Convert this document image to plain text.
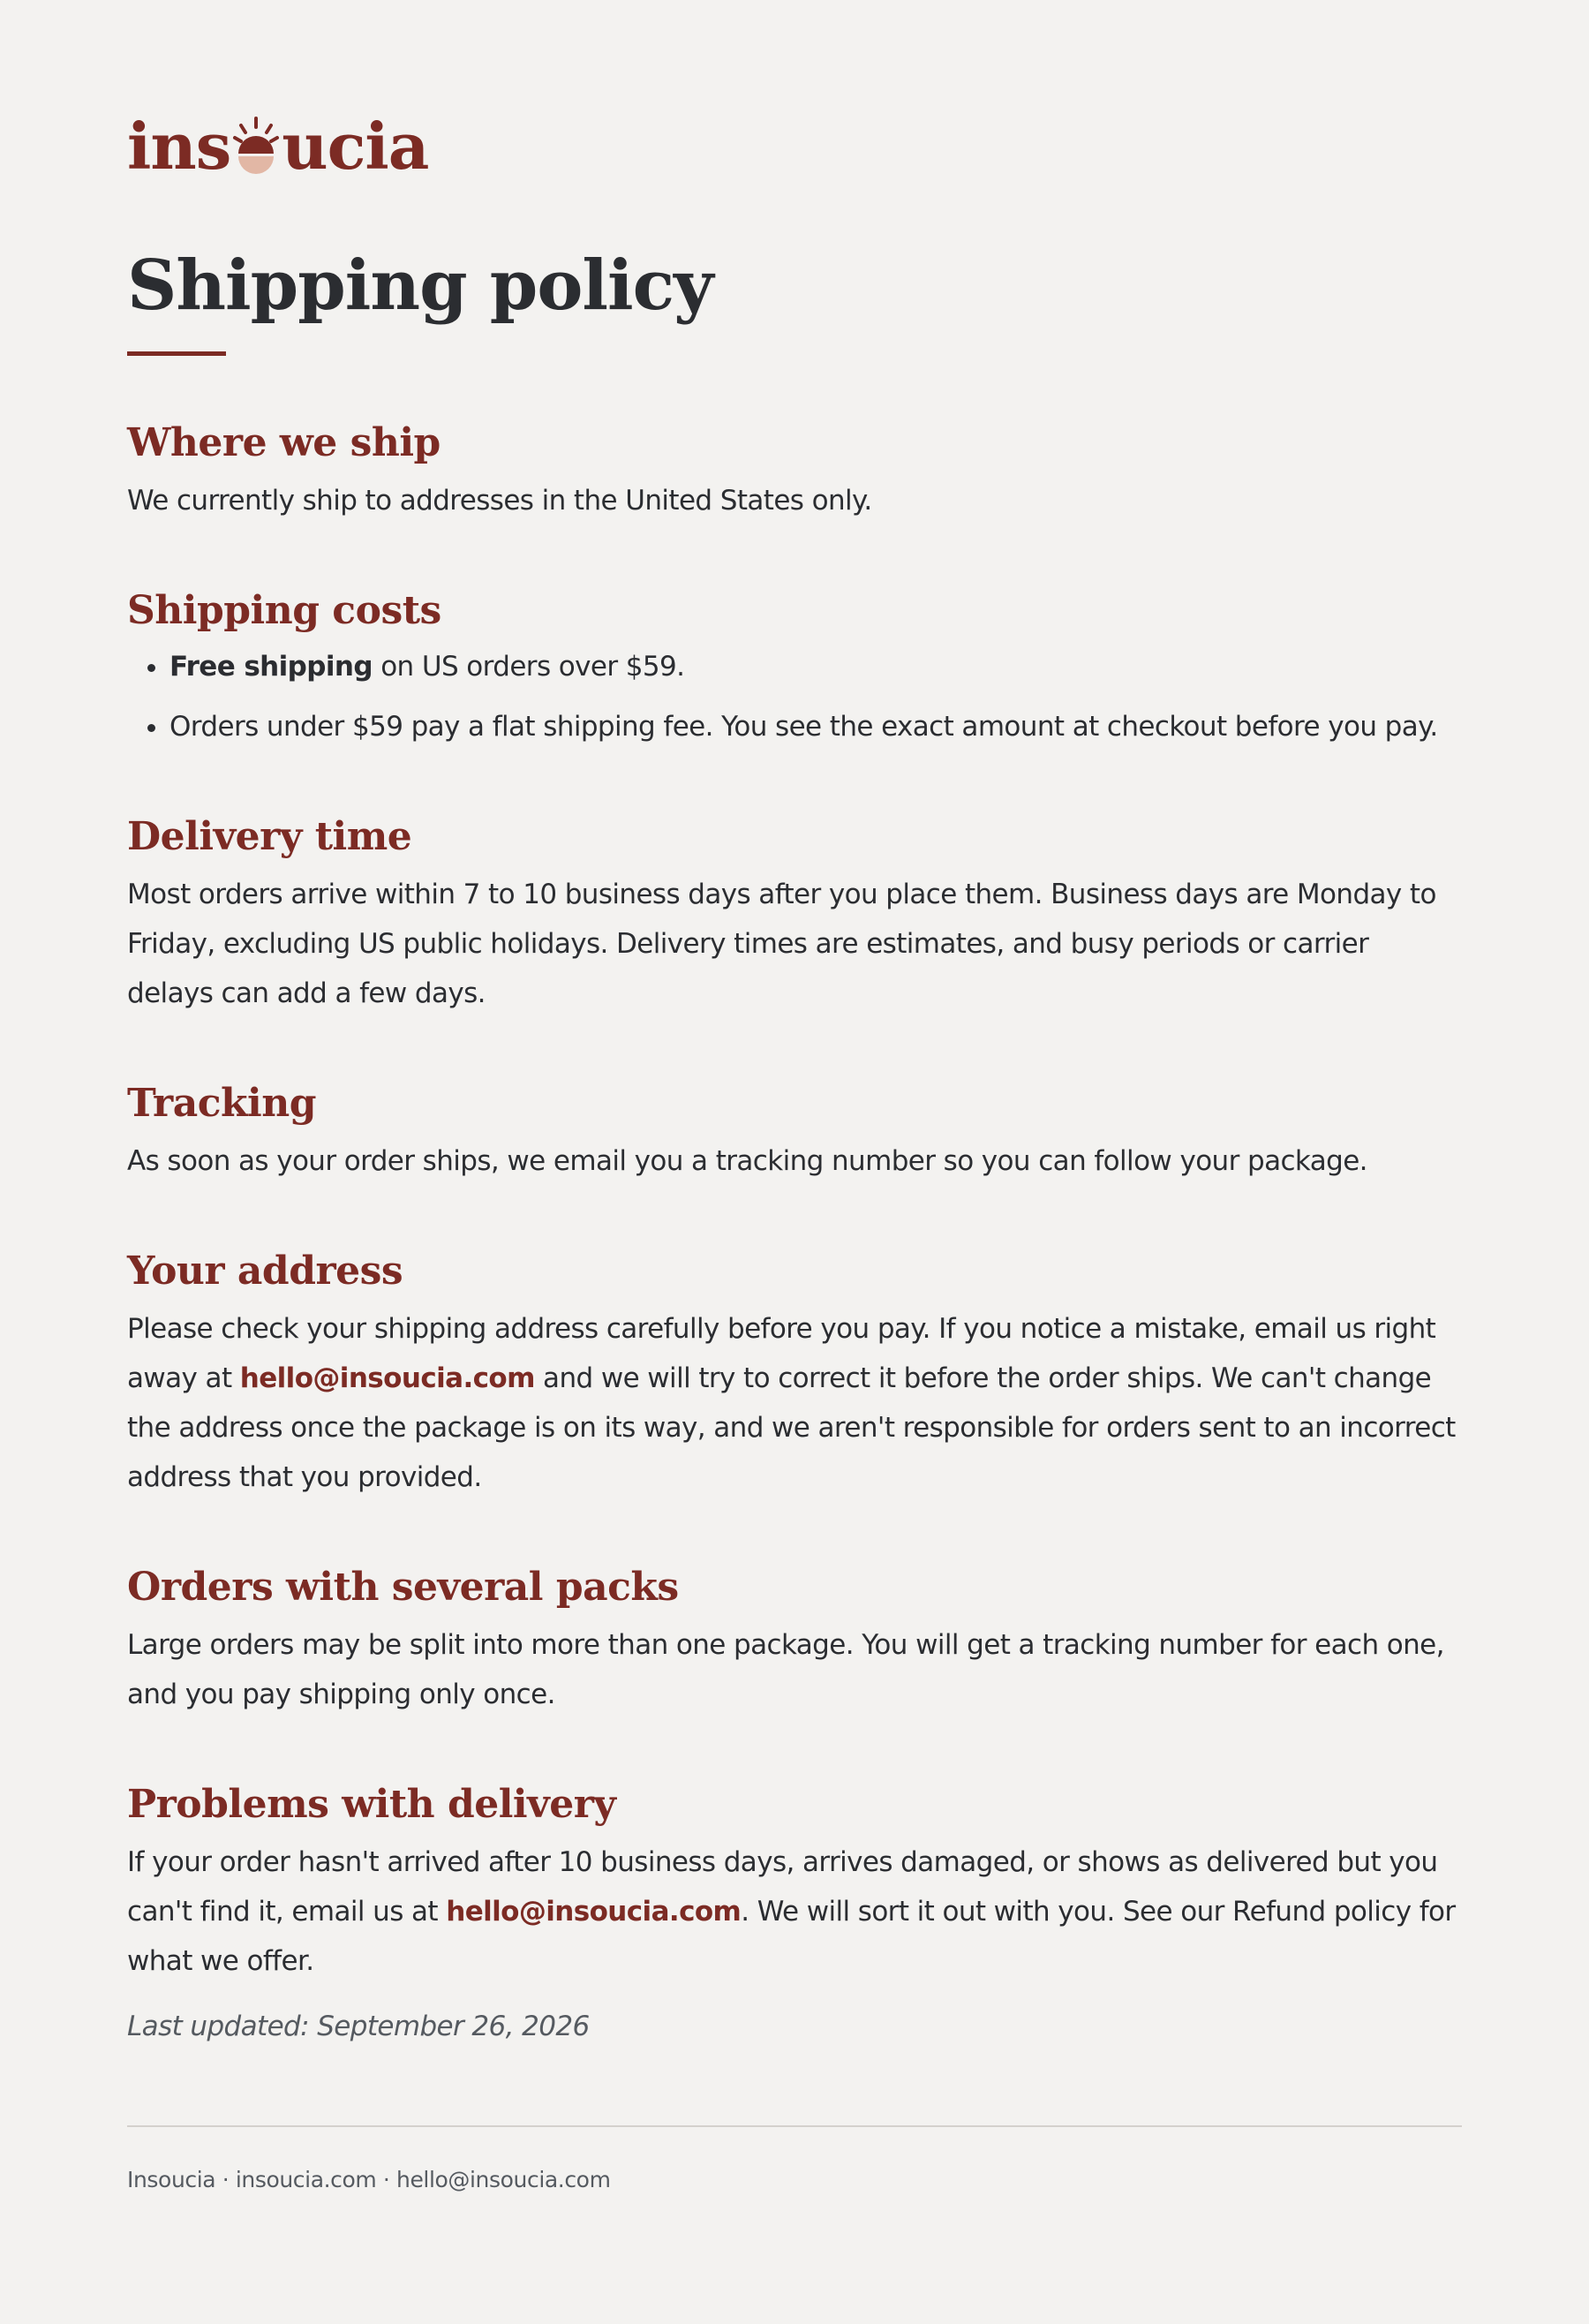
ins ucia
Shipping policy
Where we ship

We currently ship to addresses in the United States only.

Shipping costs
• Free shipping on US orders over $59.
• Orders under $59 pay a flat shipping fee. You see the exact amount at checkout before you pay.
Delivery time

Most orders arrive within 7 to 10 business days after you place them. Business days are Monday to Friday, excluding US public holidays. Delivery times are estimates, and busy periods or carrier delays can add a few days.

Tracking

As soon as your order ships, we email you a tracking number so you can follow your package.

Your address

Please check your shipping address carefully before you pay. If you notice a mistake, email us right away at hello@insoucia.com and we will try to correct it before the order ships. We can't change the address once the package is on its way, and we aren't responsible for orders sent to an incorrect address that you provided.

Orders with several packs

Large orders may be split into more than one package. You will get a tracking number for each one, and you pay shipping only once.

Problems with delivery

If your order hasn't arrived after 10 business days, arrives damaged, or shows as delivered but you can't find it, email us at hello@insoucia.com. We will sort it out with you. See our Refund policy for what we offer.

Last updated: September 26, 2026

Insoucia · insoucia.com · hello@insoucia.com
